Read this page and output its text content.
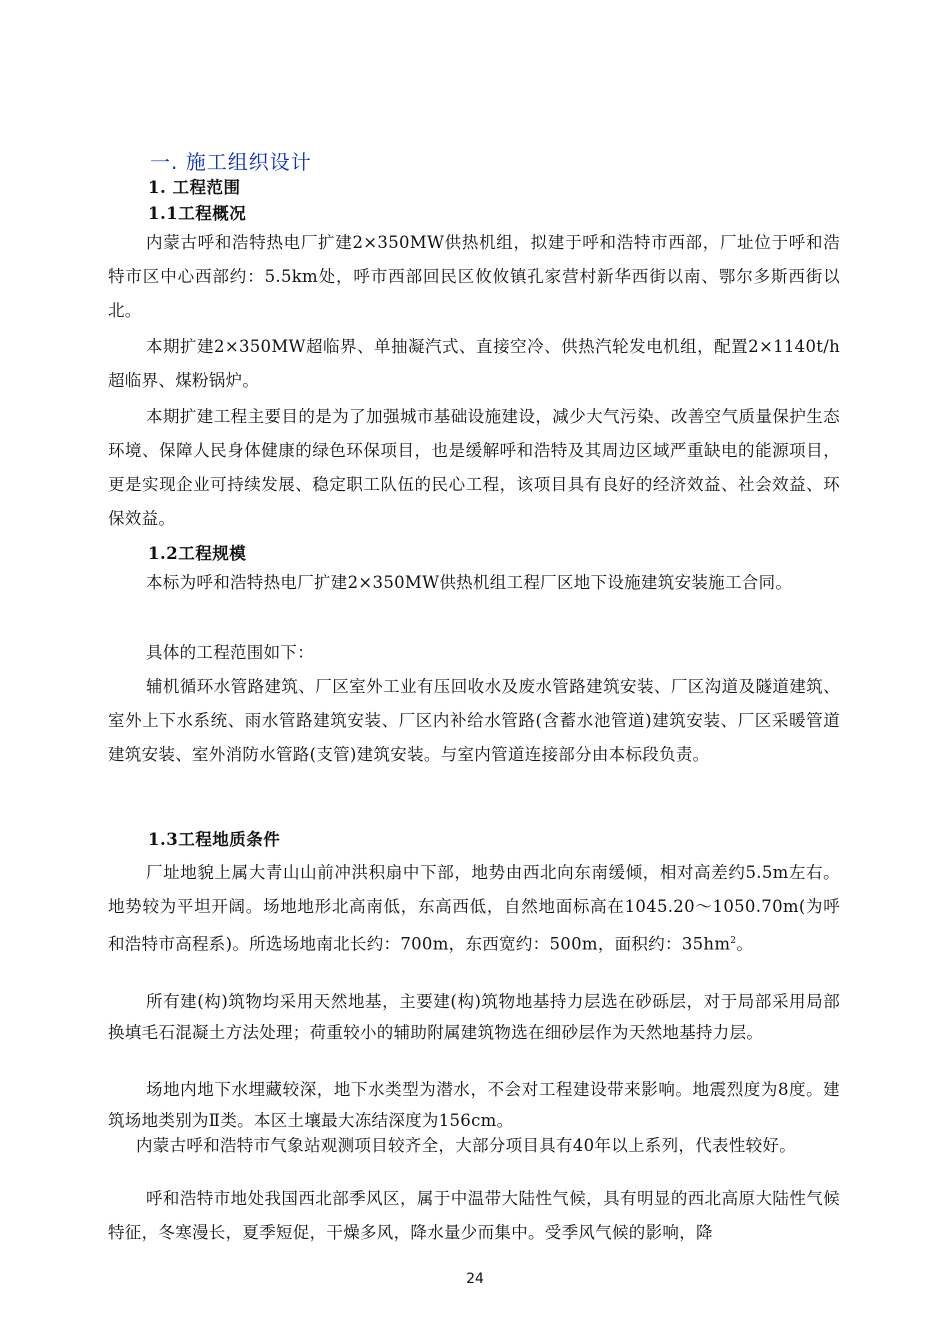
一. 施工组织设计
1. 工程范围
1.1工程概况

内蒙古呼和浩特热电厂扩建2×350MW供热机组，拟建于呼和浩特市西部，厂址位于呼和浩特市区中心西部约：5.5km处，呼市西部回民区攸攸镇孔家营村新华西街以南、鄂尔多斯西街以北。

本期扩建2×350MW超临界、单抽凝汽式、直接空冷、供热汽轮发电机组，配置2×1140t/h超临界、煤粉锅炉。

本期扩建工程主要目的是为了加强城市基础设施建设，减少大气污染、改善空气质量保护生态环境、保障人民身体健康的绿色环保项目，也是缓解呼和浩特及其周边区域严重缺电的能源项目，更是实现企业可持续发展、稳定职工队伍的民心工程，该项目具有良好的经济效益、社会效益、环保效益。

1.2工程规模

本标为呼和浩特热电厂扩建2×350MW供热机组工程厂区地下设施建筑安装施工合同。

具体的工程范围如下：

辅机循环水管路建筑、厂区室外工业有压回收水及废水管路建筑安装、厂区沟道及隧道建筑、室外上下水系统、雨水管路建筑安装、厂区内补给水管路(含蓄水池管道)建筑安装、厂区采暖管道建筑安装、室外消防水管路(支管)建筑安装。与室内管道连接部分由本标段负责。

1.3工程地质条件

厂址地貌上属大青山山前冲洪积扇中下部，地势由西北向东南缓倾，相对高差约5.5m左右。地势较为平坦开阔。场地地形北高南低，东高西低，自然地面标高在1045.20～1050.70m(为呼和浩特市高程系)。所选场地南北长约：700m，东西宽约：500m，面积约：$35hm^2$。

所有建(构)筑物均采用天然地基，主要建(构)筑物地基持力层选在砂砾层，对于局部采用局部换填毛石混凝土方法处理；荷重较小的辅助附属建筑物选在细砂层作为天然地基持力层。

场地内地下水埋藏较深，地下水类型为潜水，不会对工程建设带来影响。地震烈度为8度。建筑场地类别为Ⅱ类。本区土壤最大冻结深度为156cm。

内蒙古呼和浩特市气象站观测项目较齐全，大部分项目具有40年以上系列，代表性较好。

呼和浩特市地处我国西北部季风区，属于中温带大陆性气候，具有明显的西北高原大陆性气候特征，冬寒漫长，夏季短促，干燥多风，降水量少而集中。受季风气候的影响，降

24
